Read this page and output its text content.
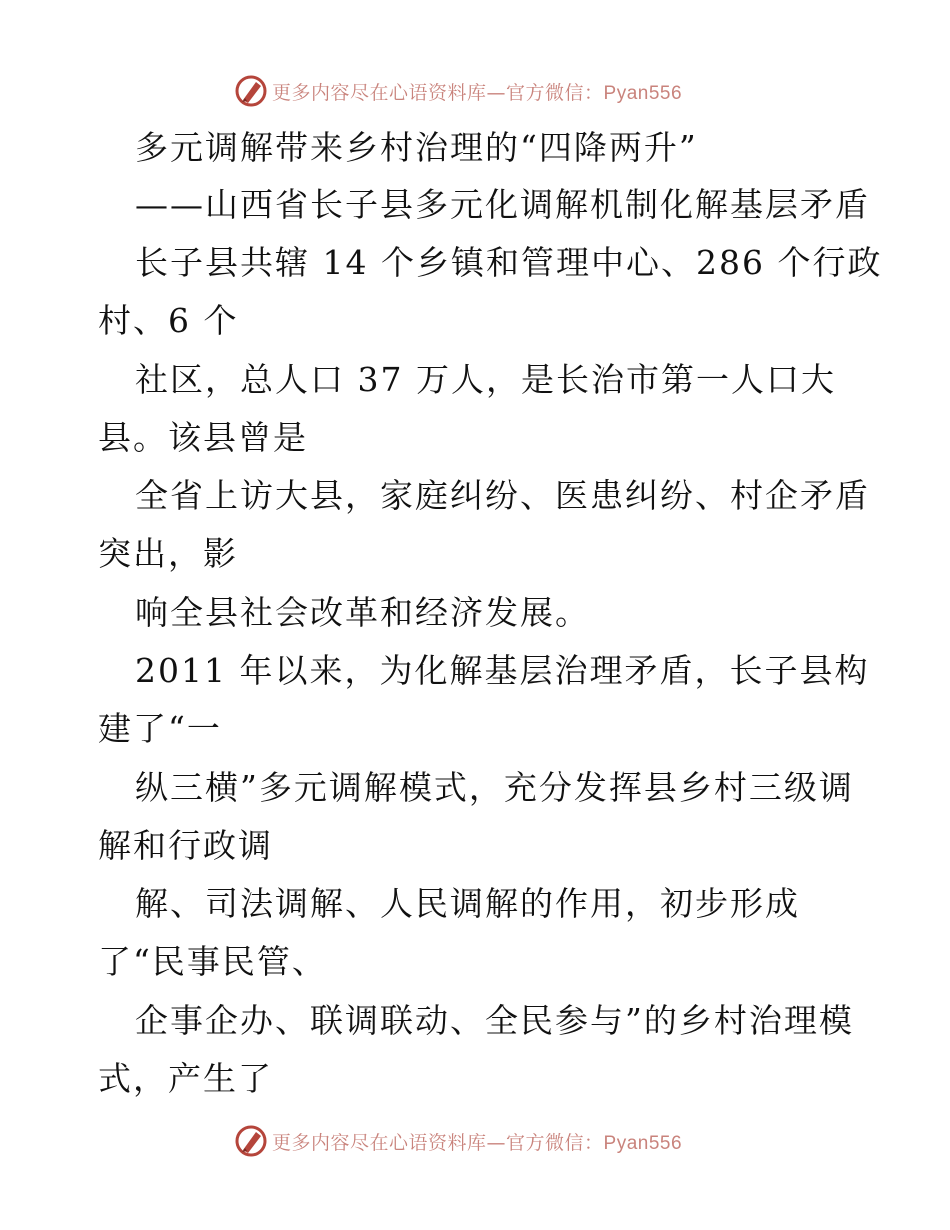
更多内容尽在心语资料库—官方微信：Pyan556
多元调解带来乡村治理的“四降两升”
——山西省长子县多元化调解机制化解基层矛盾
长子县共辖 14 个乡镇和管理中心、286 个行政
村、6 个
社区，总人口 37 万人，是长治市第一人口大
县。该县曾是
全省上访大县，家庭纠纷、医患纠纷、村企矛盾
突出，影
响全县社会改革和经济发展。
2011 年以来，为化解基层治理矛盾，长子县构
建了“一
纵三横”多元调解模式，充分发挥县乡村三级调
解和行政调
解、司法调解、人民调解的作用，初步形成
了“民事民管、
企事企办、联调联动、全民参与”的乡村治理模
式，产生了
更多内容尽在心语资料库—官方微信：Pyan556
